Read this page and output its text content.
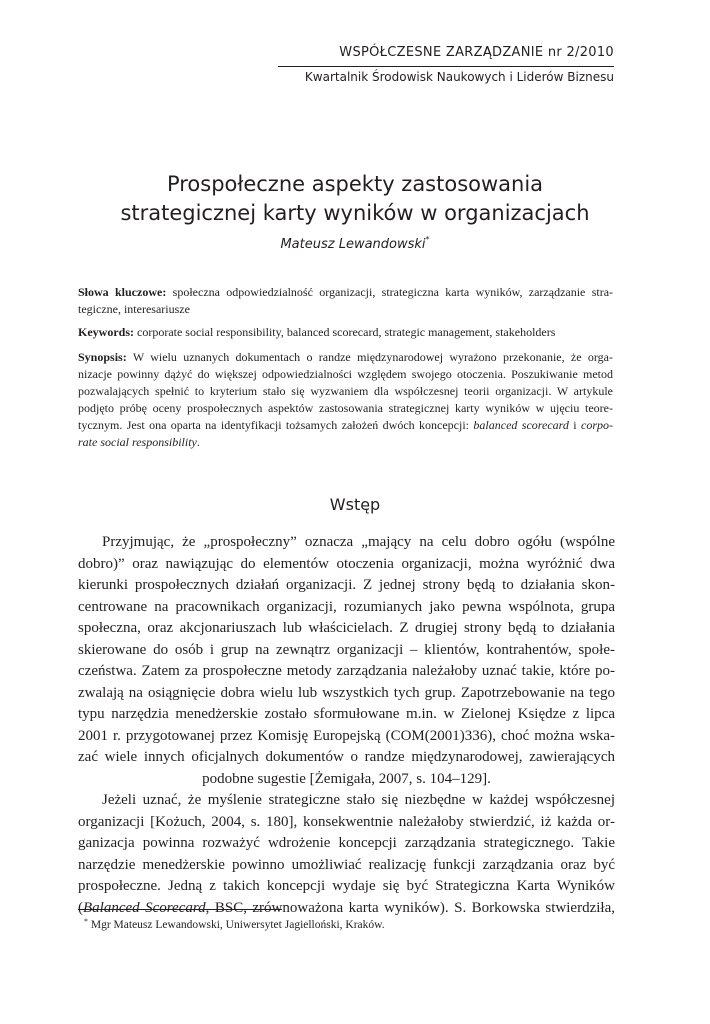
WSPÓŁCZESNE ZARZĄDZANIE nr 2/2010
Kwartalnik Środowisk Naukowych i Liderów Biznesu
Prospołeczne aspekty zastosowania
strategicznej karty wyników w organizacjach
Mateusz Lewandowski*
Słowa kluczowe: społeczna odpowiedzialność organizacji, strategiczna karta wyników, zarządzanie stra-
tegiczne, interesariusze
Keywords: corporate social responsibility, balanced scorecard, strategic management, stakeholders
Synopsis: W wielu uznanych dokumentach o randze międzynarodowej wyrażono przekonanie, że orga-
nizacje powinny dążyć do większej odpowiedzialności względem swojego otoczenia. Poszukiwanie metod
pozwalających spełnić to kryterium stało się wyzwaniem dla współczesnej teorii organizacji. W artykule
podjęto próbę oceny prospołecznych aspektów zastosowania strategicznej karty wyników w ujęciu teore-
tycznym. Jest ona oparta na identyfikacji tożsamych założeń dwóch koncepcji: balanced scorecard i corpo-
rate social responsibility.
Wstęp
Przyjmując, że „prospołeczny” oznacza „mający na celu dobro ogółu (wspólne
dobro)” oraz nawiązując do elementów otoczenia organizacji, można wyróżnić dwa
kierunki prospołecznych działań organizacji. Z jednej strony będą to działania skon-
centrowane na pracownikach organizacji, rozumianych jako pewna wspólnota, grupa
społeczna, oraz akcjonariuszach lub właścicielach. Z drugiej strony będą to działania
skierowane do osób i grup na zewnątrz organizacji – klientów, kontrahentów, społe-
czeństwa. Zatem za prospołeczne metody zarządzania należałoby uznać takie, które po-
zwalają na osiągnięcie dobra wielu lub wszystkich tych grup. Zapotrzebowanie na tego
typu narzędzia menedżerskie zostało sformułowane m.in. w Zielonej Księdze z lipca
2001 r. przygotowanej przez Komisję Europejską (COM(2001)336), choć można wska-
zać wiele innych oficjalnych dokumentów o randze międzynarodowej, zawierających
podobne sugestie [Żemigała, 2007, s. 104–129].
Jeżeli uznać, że myślenie strategiczne stało się niezbędne w każdej współczesnej
organizacji [Kożuch, 2004, s. 180], konsekwentnie należałoby stwierdzić, iż każda or-
ganizacja powinna rozważyć wdrożenie koncepcji zarządzania strategicznego. Takie
narzędzie menedżerskie powinno umożliwiać realizację funkcji zarządzania oraz być
prospołeczne. Jedną z takich koncepcji wydaje się być Strategiczna Karta Wyników
(Balanced Scorecard, BSC, zrównoważona karta wyników). S. Borkowska stwierdziła,
* Mgr Mateusz Lewandowski, Uniwersytet Jagielloński, Kraków.
